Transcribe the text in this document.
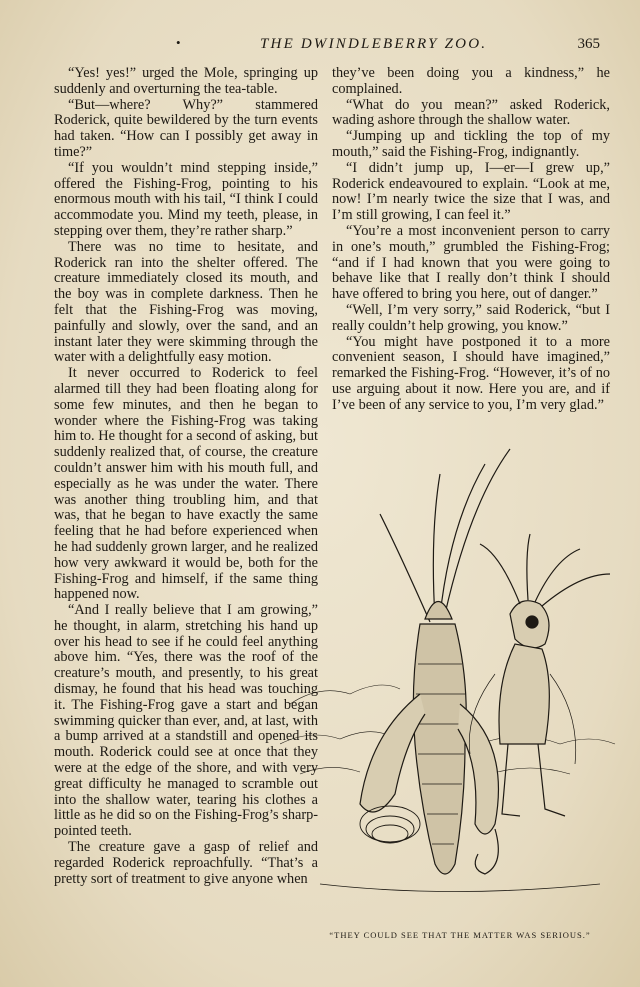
•	THE DWINDLEBERRY ZOO.	365

“Yes! yes!” urged the Mole, springing up suddenly and overturning the tea-table.

“But—where? Why?” stammered Roderick, quite bewildered by the turn events had taken. “How can I possibly get away in time?”

“If you wouldn’t mind stepping inside,” offered the Fishing-Frog, pointing to his enormous mouth with his tail, “I think I could accommodate you. Mind my teeth, please, in stepping over them, they’re rather sharp.”

There was no time to hesitate, and Roderick ran into the shelter offered. The creature immediately closed its mouth, and the boy was in complete darkness. Then he felt that the Fishing-Frog was moving, painfully and slowly, over the sand, and an instant later they were skimming through the water with a delightfully easy motion.

It never occurred to Roderick to feel alarmed till they had been floating along for some few minutes, and then he began to wonder where the Fishing-Frog was taking him to. He thought for a second of asking, but suddenly realized that, of course, the creature couldn’t answer him with his mouth full, and especially as he was under the water. There was another thing troubling him, and that was, that he began to have exactly the same feeling that he had before experienced when he had suddenly grown larger, and he realized how very awkward it would be, both for the Fishing-Frog and himself, if the same thing happened now.

“And I really believe that I am growing,” he thought, in alarm, stretching his hand up over his head to see if he could feel anything above him. “Yes, there was the roof of the creature’s mouth, and presently, to his great dismay, he found that his head was touching it. The Fishing-Frog gave a start and began swimming quicker than ever, and, at last, with a bump arrived at a standstill and opened its mouth. Roderick could see at once that they were at the edge of the shore, and with very great difficulty he managed to scramble out into the shallow water, tearing his clothes a little as he did so on the Fishing-Frog’s sharp-pointed teeth.

The creature gave a gasp of relief and regarded Roderick reproachfully. “That’s a pretty sort of treatment to give anyone when

they’ve been doing you a kindness,” he complained.

“What do you mean?” asked Roderick, wading ashore through the shallow water.

“Jumping up and tickling the top of my mouth,” said the Fishing-Frog, indignantly.

“I didn’t jump up, I—er—I grew up,” Roderick endeavoured to explain. “Look at me, now! I’m nearly twice the size that I was, and I’m still growing, I can feel it.”

“You’re a most inconvenient person to carry in one’s mouth,” grumbled the Fishing-Frog; “and if I had known that you were going to behave like that I really don’t think I should have offered to bring you here, out of danger.”

“Well, I’m very sorry,” said Roderick, “but I really couldn’t help growing, you know.”

“You might have postponed it to a more convenient season, I should have imagined,” remarked the Fishing-Frog. “However, it’s of no use arguing about it now. Here you are, and if I’ve been of any service to you, I’m very glad.”

“THEY COULD SEE THAT THE MATTER WAS SERIOUS.”
